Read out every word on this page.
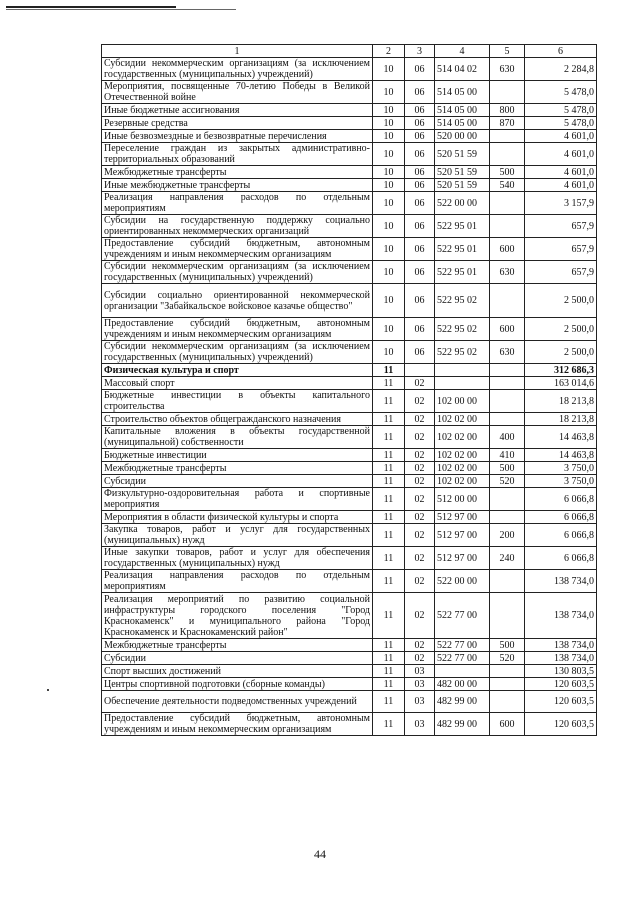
1	2	3	4	5	6
Субсидии некоммерческим организациям (за исключением государственных (муниципальных) учреждений)	10	06	514 04 02	630	2 284,8
Мероприятия, посвященные 70-летию Победы в Великой Отечественной войне	10	06	514 05 00		5 478,0
Иные бюджетные ассигнования	10	06	514 05 00	800	5 478,0
Резервные средства	10	06	514 05 00	870	5 478,0
Иные безвозмездные и безвозвратные перечисления	10	06	520 00 00		4 601,0
Переселение граждан из закрытых административно-территориальных образований	10	06	520 51 59		4 601,0
Межбюджетные трансферты	10	06	520 51 59	500	4 601,0
Иные межбюджетные трансферты	10	06	520 51 59	540	4 601,0
Реализация направления расходов по отдельным мероприятиям	10	06	522 00 00		3 157,9
Субсидии на государственную поддержку социально ориентированных некоммерческих организаций	10	06	522 95 01		657,9
Предоставление субсидий бюджетным, автономным учреждениям и иным некоммерческим организациям	10	06	522 95 01	600	657,9
Субсидии некоммерческим организациям (за исключением государственных (муниципальных) учреждений)	10	06	522 95 01	630	657,9
Субсидии социально ориентированной некоммерческой организации "Забайкальское войсковое казачье общество"	10	06	522 95 02		2 500,0
Предоставление субсидий бюджетным, автономным учреждениям и иным некоммерческим организациям	10	06	522 95 02	600	2 500,0
Субсидии некоммерческим организациям (за исключением государственных (муниципальных) учреждений)	10	06	522 95 02	630	2 500,0
Физическая культура и спорт	11				312 686,3
Массовый спорт	11	02			163 014,6
Бюджетные инвестиции в объекты капитального строительства	11	02	102 00 00		18 213,8
Строительство объектов общегражданского назначения	11	02	102 02 00		18 213,8
Капитальные вложения в объекты государственной (муниципальной) собственности	11	02	102 02 00	400	14 463,8
Бюджетные инвестиции	11	02	102 02 00	410	14 463,8
Межбюджетные трансферты	11	02	102 02 00	500	3 750,0
Субсидии	11	02	102 02 00	520	3 750,0
Физкультурно-оздоровительная работа и спортивные мероприятия	11	02	512 00 00		6 066,8
Мероприятия в области физической культуры и спорта	11	02	512 97 00		6 066,8
Закупка товаров, работ и услуг для государственных (муниципальных) нужд	11	02	512 97 00	200	6 066,8
Иные закупки товаров, работ и услуг для обеспечения государственных (муниципальных) нужд	11	02	512 97 00	240	6 066,8
Реализация направления расходов по отдельным мероприятиям	11	02	522 00 00		138 734,0
Реализация мероприятий по развитию социальной инфраструктуры городского поселения "Город Краснокаменск" и муниципального района "Город Краснокаменск и Краснокаменский район"	11	02	522 77 00		138 734,0
Межбюджетные трансферты	11	02	522 77 00	500	138 734,0
Субсидии	11	02	522 77 00	520	138 734,0
Спорт высших достижений	11	03			130 803,5
Центры спортивной подготовки (сборные команды)	11	03	482 00 00		120 603,5
Обеспечение деятельности подведомственных учреждений	11	03	482 99 00		120 603,5
Предоставление субсидий бюджетным, автономным учреждениям и иным некоммерческим организациям	11	03	482 99 00	600	120 603,5
44
